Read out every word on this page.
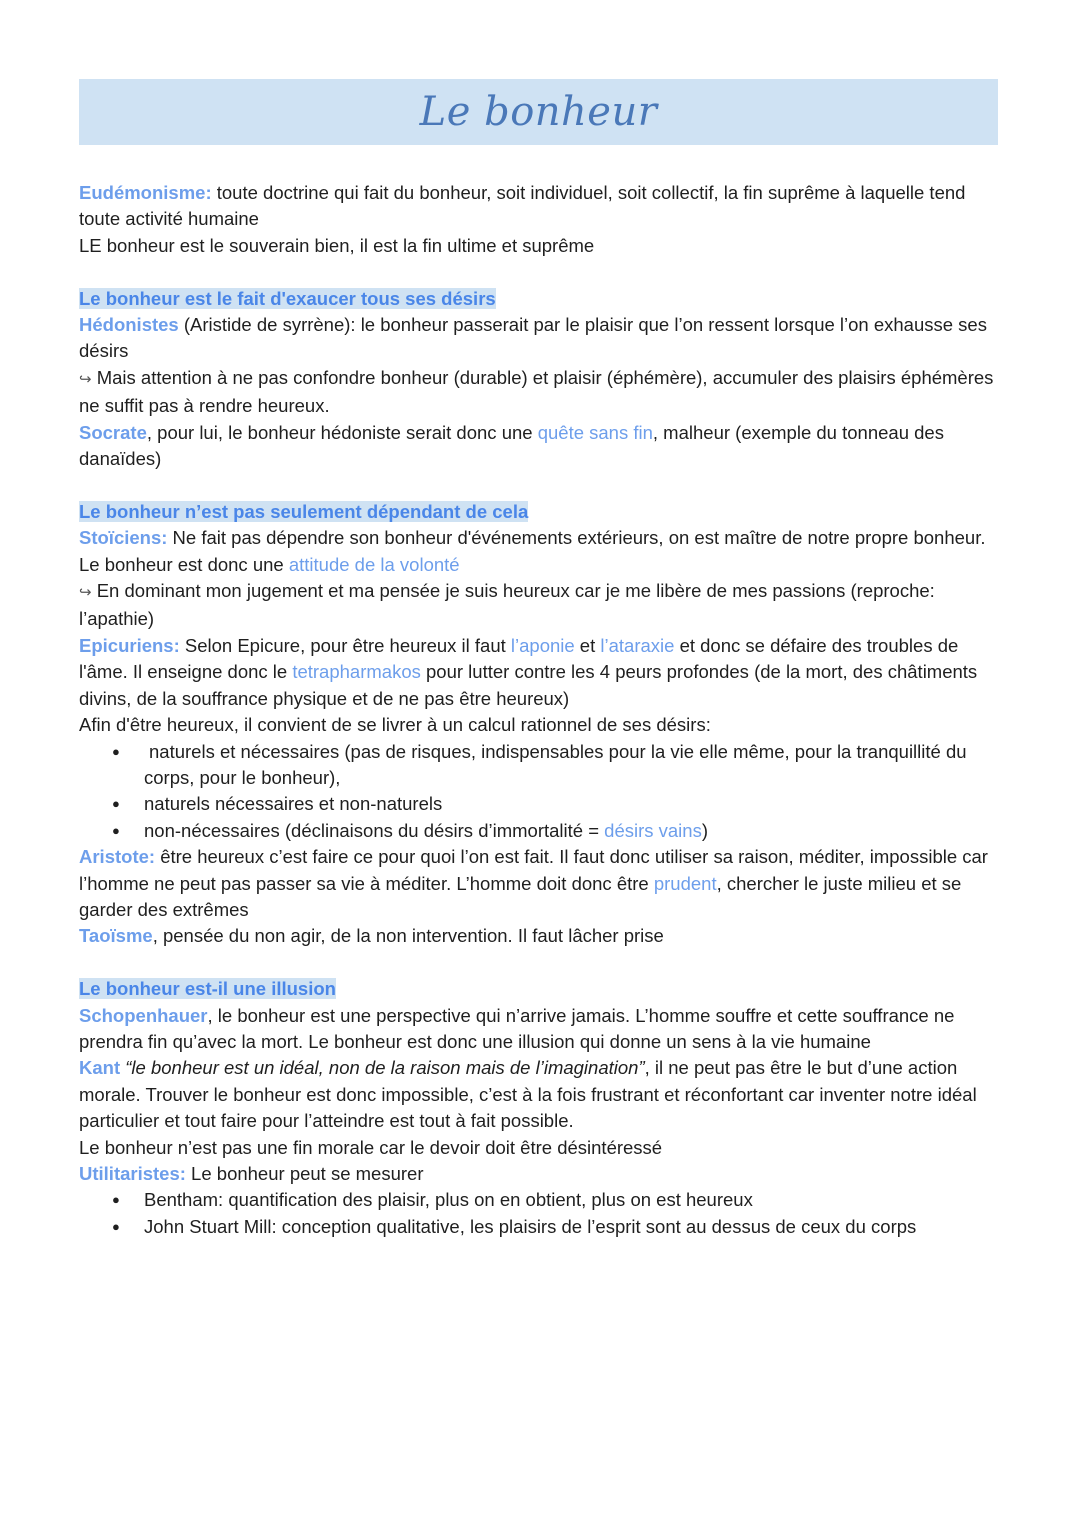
Le bonheur

Eudémonisme: toute doctrine qui fait du bonheur, soit individuel, soit collectif, la fin suprême à laquelle tend toute activité humaine

LE bonheur est le souverain bien, il est la fin ultime et suprême

Le bonheur est le fait d'exaucer tous ses désirs

Hédonistes (Aristide de syrrène): le bonheur passerait par le plaisir que l’on ressent lorsque l’on exhausse ses désirs

↪ Mais attention à ne pas confondre bonheur (durable) et plaisir (éphémère), accumuler des plaisirs éphémères ne suffit pas à rendre heureux.

Socrate, pour lui, le bonheur hédoniste serait donc une quête sans fin, malheur (exemple du tonneau des danaïdes)

Le bonheur n’est pas seulement dépendant de cela

Stoïciens: Ne fait pas dépendre son bonheur d'événements extérieurs, on est maître de notre propre bonheur. Le bonheur est donc une attitude de la volonté

↪ En dominant mon jugement et ma pensée je suis heureux car je me libère de mes passions (reproche: l’apathie)

Epicuriens: Selon Epicure, pour être heureux il faut l’aponie et l’ataraxie et donc se défaire des troubles de l'âme. Il enseigne donc le tetrapharmakos pour lutter contre les 4 peurs profondes (de la mort, des châtiments divins, de la souffrance physique et de ne pas être heureux)

Afin d'être heureux, il convient de se livrer à un calcul rationnel de ses désirs:

● naturels et nécessaires (pas de risques, indispensables pour la vie elle même, pour la tranquillité du corps, pour le bonheur),
● naturels nécessaires et non-naturels
● non-nécessaires (déclinaisons du désirs d’immortalité = désirs vains)

Aristote: être heureux c’est faire ce pour quoi l’on est fait. Il faut donc utiliser sa raison, méditer, impossible car l’homme ne peut pas passer sa vie à méditer. L’homme doit donc être prudent, chercher le juste milieu et se garder des extrêmes

Taoïsme, pensée du non agir, de la non intervention. Il faut lâcher prise

Le bonheur est-il une illusion

Schopenhauer, le bonheur est une perspective qui n’arrive jamais. L’homme souffre et cette souffrance ne prendra fin qu’avec la mort. Le bonheur est donc une illusion qui donne un sens à la vie humaine

Kant “le bonheur est un idéal, non de la raison mais de l’imagination”, il ne peut pas être le but d’une action morale. Trouver le bonheur est donc impossible, c’est à la fois frustrant et réconfortant car inventer notre idéal particulier et tout faire pour l’atteindre est tout à fait possible.

Le bonheur n’est pas une fin morale car le devoir doit être désintéressé

Utilitaristes: Le bonheur peut se mesurer

● Bentham: quantification des plaisir, plus on en obtient, plus on est heureux
● John Stuart Mill: conception qualitative, les plaisirs de l’esprit sont au dessus de ceux du corps
